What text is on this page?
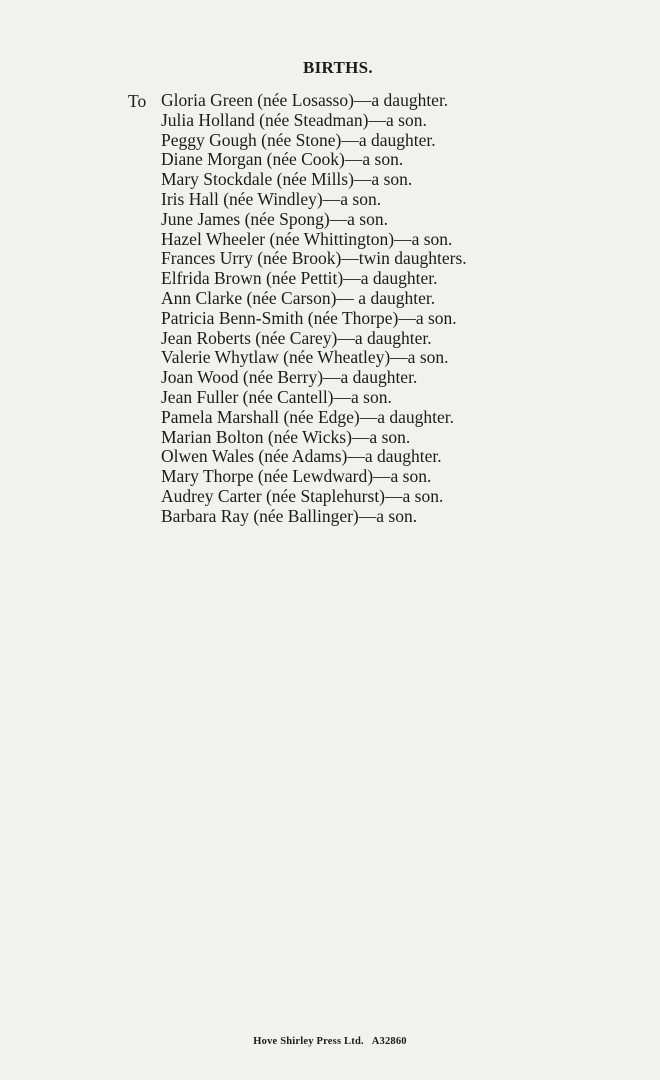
BIRTHS.
To Gloria Green (née Losasso)—a daughter.
Julia Holland (née Steadman)—a son.
Peggy Gough (née Stone)—a daughter.
Diane Morgan (née Cook)—a son.
Mary Stockdale (née Mills)—a son.
Iris Hall (née Windley)—a son.
June James (née Spong)—a son.
Hazel Wheeler (née Whittington)—a son.
Frances Urry (née Brook)—twin daughters.
Elfrida Brown (née Pettit)—a daughter.
Ann Clarke (née Carson)— a daughter.
Patricia Benn-Smith (née Thorpe)—a son.
Jean Roberts (née Carey)—a daughter.
Valerie Whytlaw (née Wheatley)—a son.
Joan Wood (née Berry)—a daughter.
Jean Fuller (née Cantell)—a son.
Pamela Marshall (née Edge)—a daughter.
Marian Bolton (née Wicks)—a son.
Olwen Wales (née Adams)—a daughter.
Mary Thorpe (née Lewdward)—a son.
Audrey Carter (née Staplehurst)—a son.
Barbara Ray (née Ballinger)—a son.
Hove Shirley Press Ltd.   A32860
